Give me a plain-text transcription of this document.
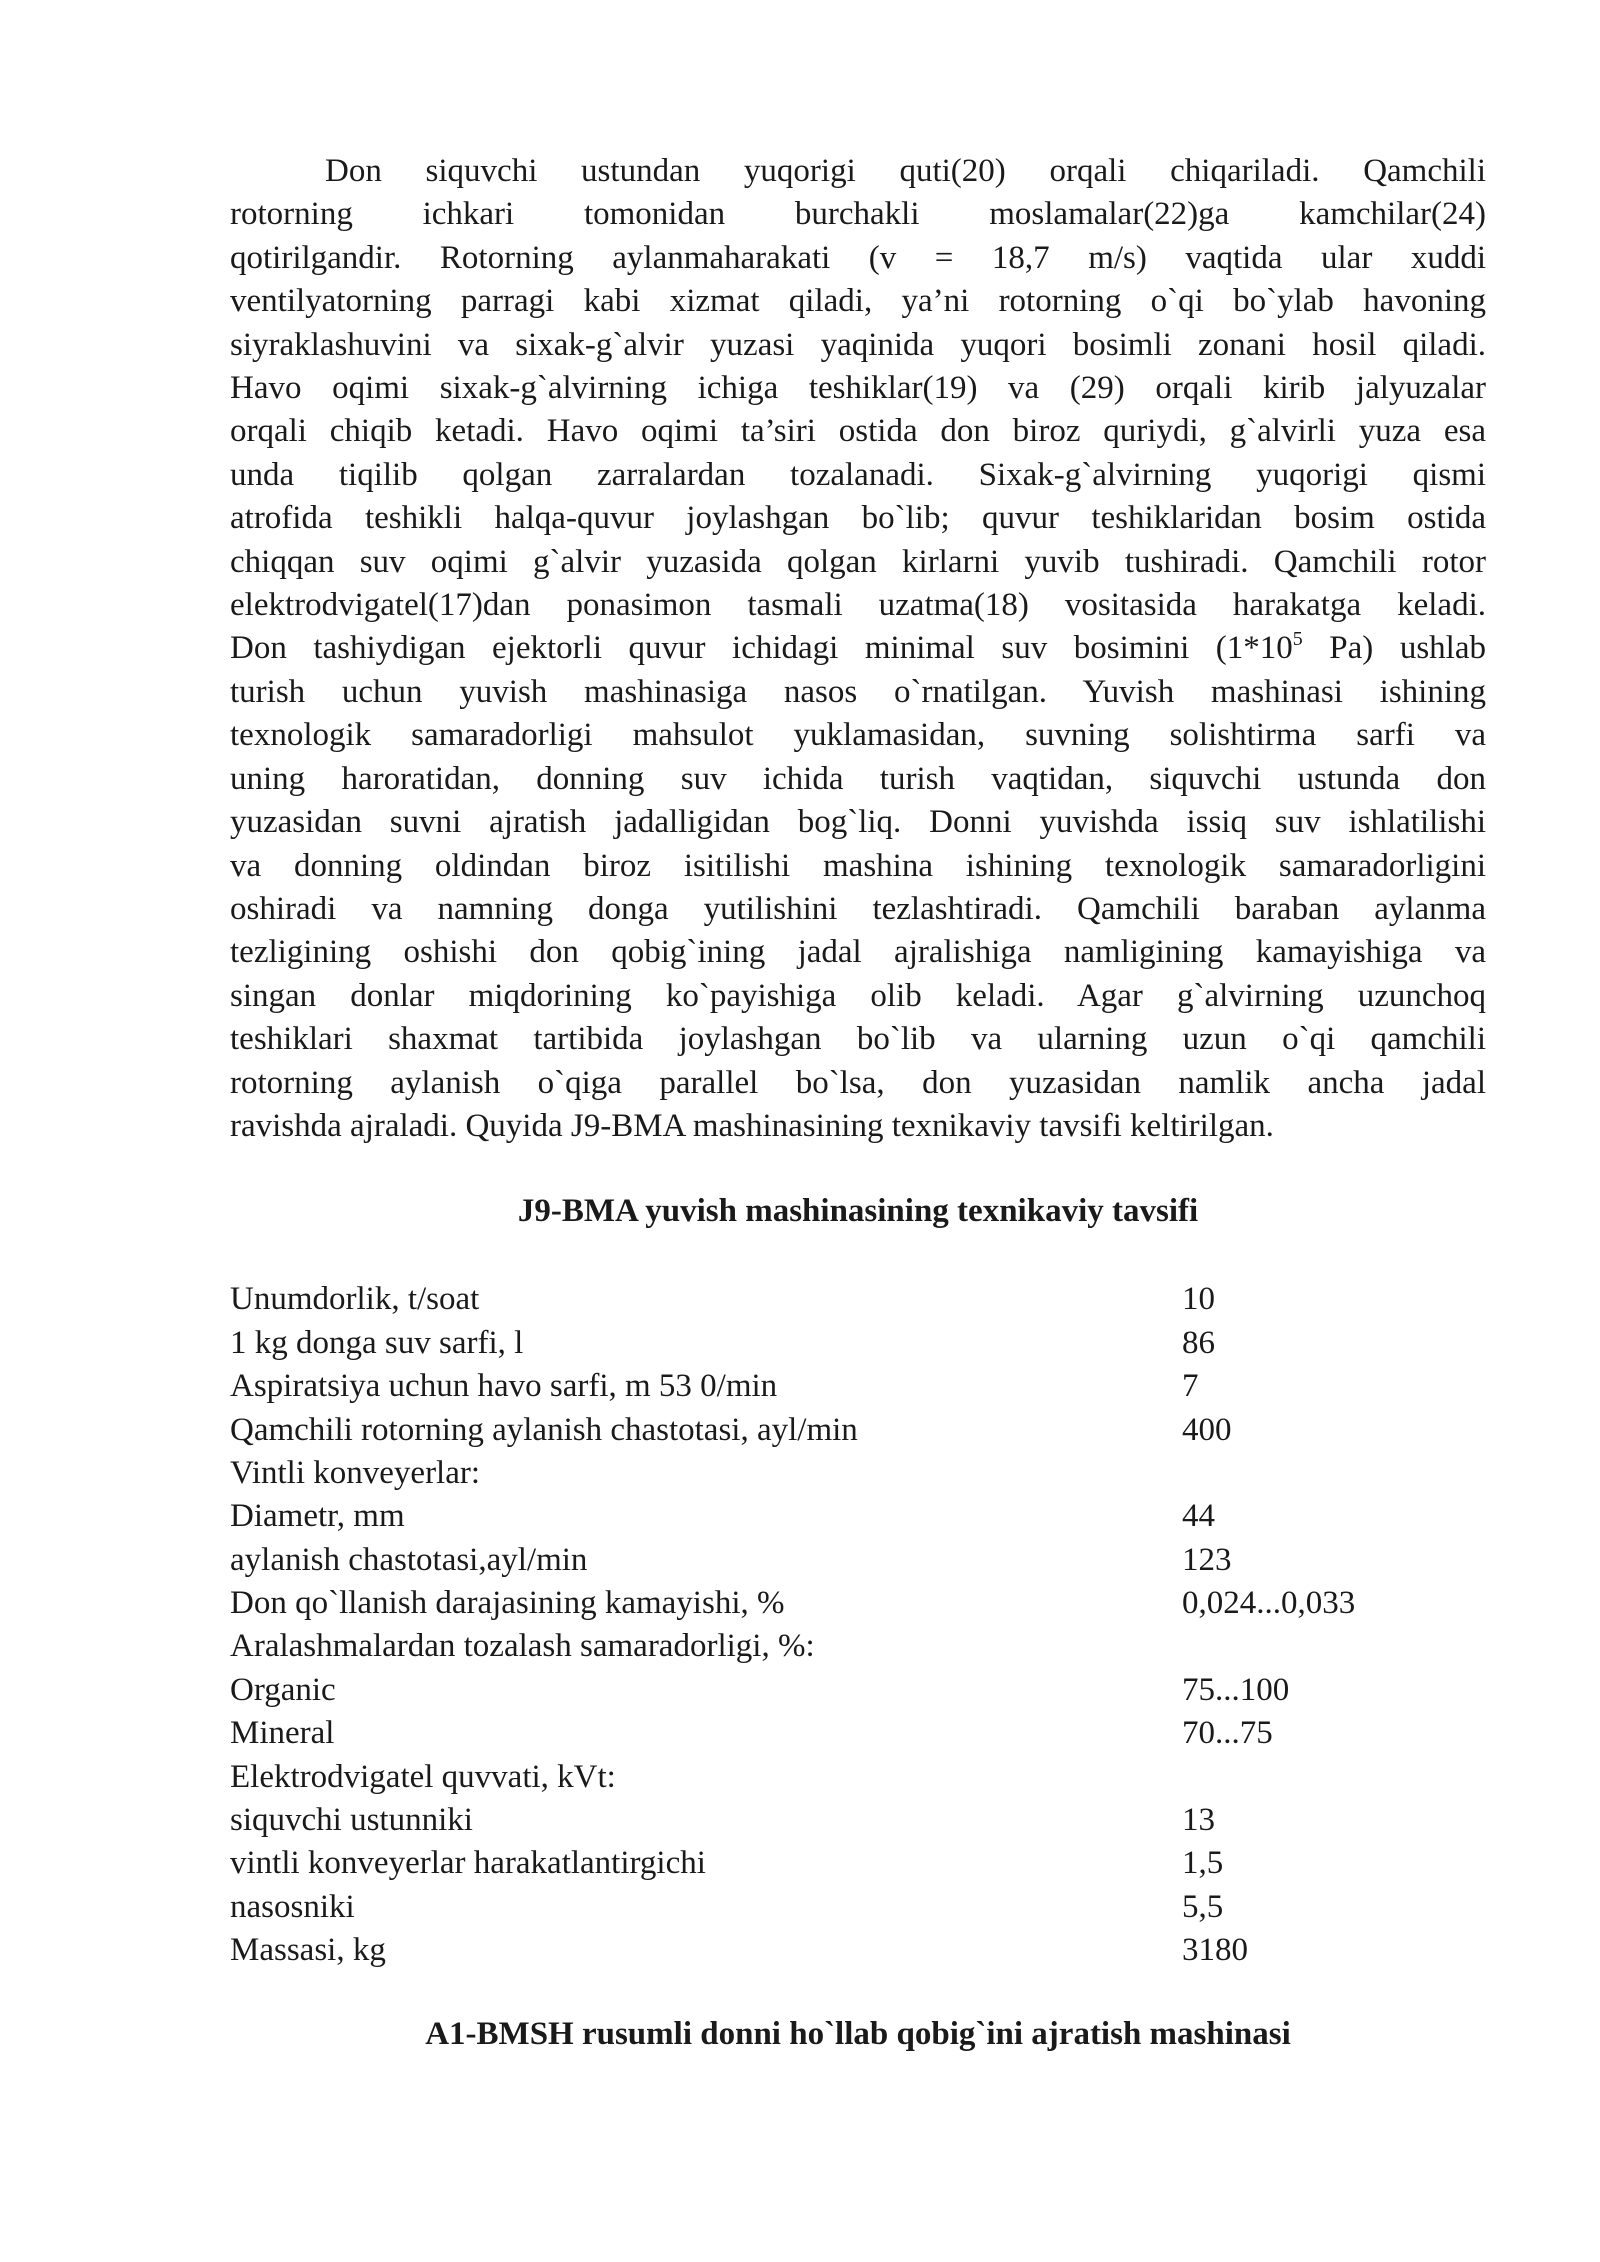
Don siquvchi ustundan yuqorigi quti(20) orqali chiqariladi. Qamchili
rotorning ichkari tomonidan burchakli moslamalar(22)ga kamchilar(24)
qotirilgandir. Rotorning aylanmaharakati (v = 18,7 m/s) vaqtida ular xuddi
ventilyatorning parragi kabi xizmat qiladi, ya’ni rotorning o`qi bo`ylab havoning
siyraklashuvini va sixak-g`alvir yuzasi yaqinida yuqori bosimli zonani hosil qiladi.
Havo oqimi sixak-g`alvirning ichiga teshiklar(19) va (29) orqali kirib jalyuzalar
orqali chiqib ketadi. Havo oqimi ta’siri ostida don biroz quriydi, g`alvirli yuza esa
unda tiqilib qolgan zarralardan tozalanadi. Sixak-g`alvirning yuqorigi qismi
atrofida teshikli halqa-quvur joylashgan bo`lib; quvur teshiklaridan bosim ostida
chiqqan suv oqimi g`alvir yuzasida qolgan kirlarni yuvib tushiradi. Qamchili rotor
elektrodvigatel(17)dan ponasimon tasmali uzatma(18) vositasida harakatga keladi.
Don tashiydigan ejektorli quvur ichidagi minimal suv bosimini ($1*10^5$ Pa) ushlab
turish uchun yuvish mashinasiga nasos o`rnatilgan. Yuvish mashinasi ishining
texnologik samaradorligi mahsulot yuklamasidan, suvning solishtirma sarfi va
uning haroratidan, donning suv ichida turish vaqtidan, siquvchi ustunda don
yuzasidan suvni ajratish jadalligidan bog`liq. Donni yuvishda issiq suv ishlatilishi
va donning oldindan biroz isitilishi mashina ishining texnologik samaradorligini
oshiradi va namning donga yutilishini tezlashtiradi. Qamchili baraban aylanma
tezligining oshishi don qobig`ining jadal ajralishiga namligining kamayishiga va
singan donlar miqdorining ko`payishiga olib keladi. Agar g`alvirning uzunchoq
teshiklari shaxmat tartibida joylashgan bo`lib va ularning uzun o`qi qamchili
rotorning aylanish o`qiga parallel bo`lsa, don yuzasidan namlik ancha jadal
ravishda ajraladi. Quyida J9-BMA mashinasining texnikaviy tavsifi keltirilgan.
J9-BMA yuvish mashinasining texnikaviy tavsifi
Unumdorlik, t/soat	10
1 kg donga suv sarfi, l	86
Aspiratsiya uchun havo sarfi, m 53 0/min	7
Qamchili rotorning aylanish chastotasi, ayl/min	400
Vintli konveyerlar:
Diametr, mm	44
aylanish chastotasi,ayl/min	123
Don qo`llanish darajasining kamayishi, %	0,024...0,033
Aralashmalardan tozalash samaradorligi, %:
Organic	75...100
Mineral	70...75
Elektrodvigatel quvvati, kVt:
siquvchi ustunniki	13
vintli konveyerlar harakatlantirgichi	1,5
nasosniki	5,5
Massasi, kg	3180
A1-BMSH rusumli donni ho`llab qobig`ini ajratish mashinasi
